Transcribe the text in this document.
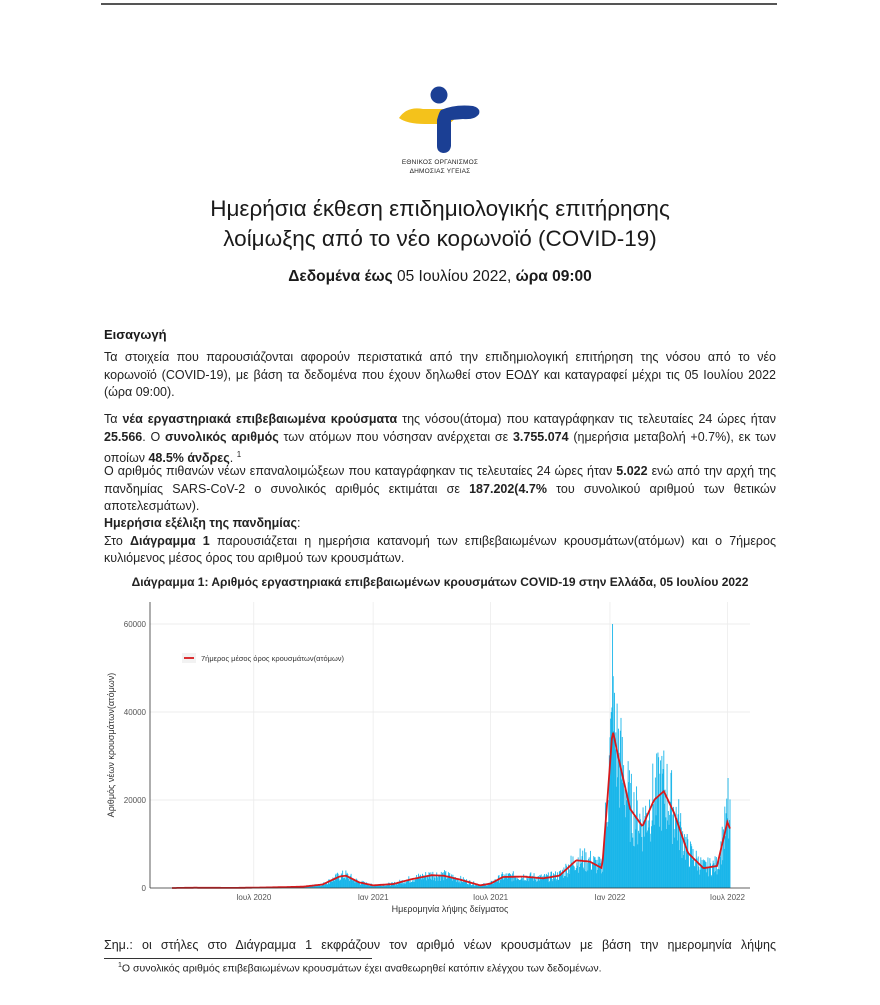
ΕΘΝΙΚΟΣ ΟΡΓΑΝΙΣΜΟΣ
ΔΗΜΟΣΙΑΣ ΥΓΕΙΑΣ
Ημερήσια έκθεση επιδημιολογικής επιτήρησης
λοίμωξης από το νέο κορωνοϊό (COVID-19)
Δεδομένα έως 05 Ιουλίου 2022, ώρα 09:00
Εισαγωγή
Τα στοιχεία που παρουσιάζονται αφορούν περιστατικά από την επιδημιολογική επιτήρηση της νόσου από το νέο κορωνοϊό (COVID-19), με βάση τα δεδομένα που έχουν δηλωθεί στον ΕΟΔΥ και καταγραφεί μέχρι τις 05 Ιουλίου 2022 (ώρα 09:00).
Τα νέα εργαστηριακά επιβεβαιωμένα κρούσματα της νόσου(άτομα) που καταγράφηκαν τις τελευταίες 24 ώρες ήταν 25.566. Ο συνολικός αριθμός των ατόμων που νόσησαν ανέρχεται σε 3.755.074 (ημερήσια μεταβολή +0.7%), εκ των οποίων 48.5% άνδρες. $^1$
Ο αριθμός πιθανών νέων επαναλοιμώξεων που καταγράφηκαν τις τελευταίες 24 ώρες ήταν 5.022 ενώ από την αρχή της πανδημίας SARS-CoV-2 ο συνολικός αριθμός εκτιμάται σε 187.202(4.7% του συνολικού αριθμού των θετικών αποτελεσμάτων).
Ημερήσια εξέλιξη της πανδημίας:
Στο Διάγραμμα 1 παρουσιάζεται η ημερήσια κατανομή των επιβεβαιωμένων κρουσμάτων(ατόμων) και ο 7ήμερος κυλιόμενος μέσος όρος του αριθμού των κρουσμάτων.
Διάγραμμα 1: Αριθμός εργαστηριακά επιβεβαιωμένων κρουσμάτων COVID-19 στην Ελλάδα, 05 Ιουλίου 2022
0
20000
40000
60000
Ιουλ 2020	Ιαν 2021	Ιουλ 2021	Ιαν 2022	Ιουλ 2022
Ημερομηνία λήψης δείγματος
Αριθμός νέων κρουσμάτων(ατόμων)
7ήμερος μέσος όρος κρουσμάτων(ατόμων)
Σημ.: οι στήλες στο Διάγραμμα 1 εκφράζουν τον αριθμό νέων κρουσμάτων με βάση την ημερομηνία λήψης
$^1$Ο συνολικός αριθμός επιβεβαιωμένων κρουσμάτων έχει αναθεωρηθεί κατόπιν ελέγχου των δεδομένων.
